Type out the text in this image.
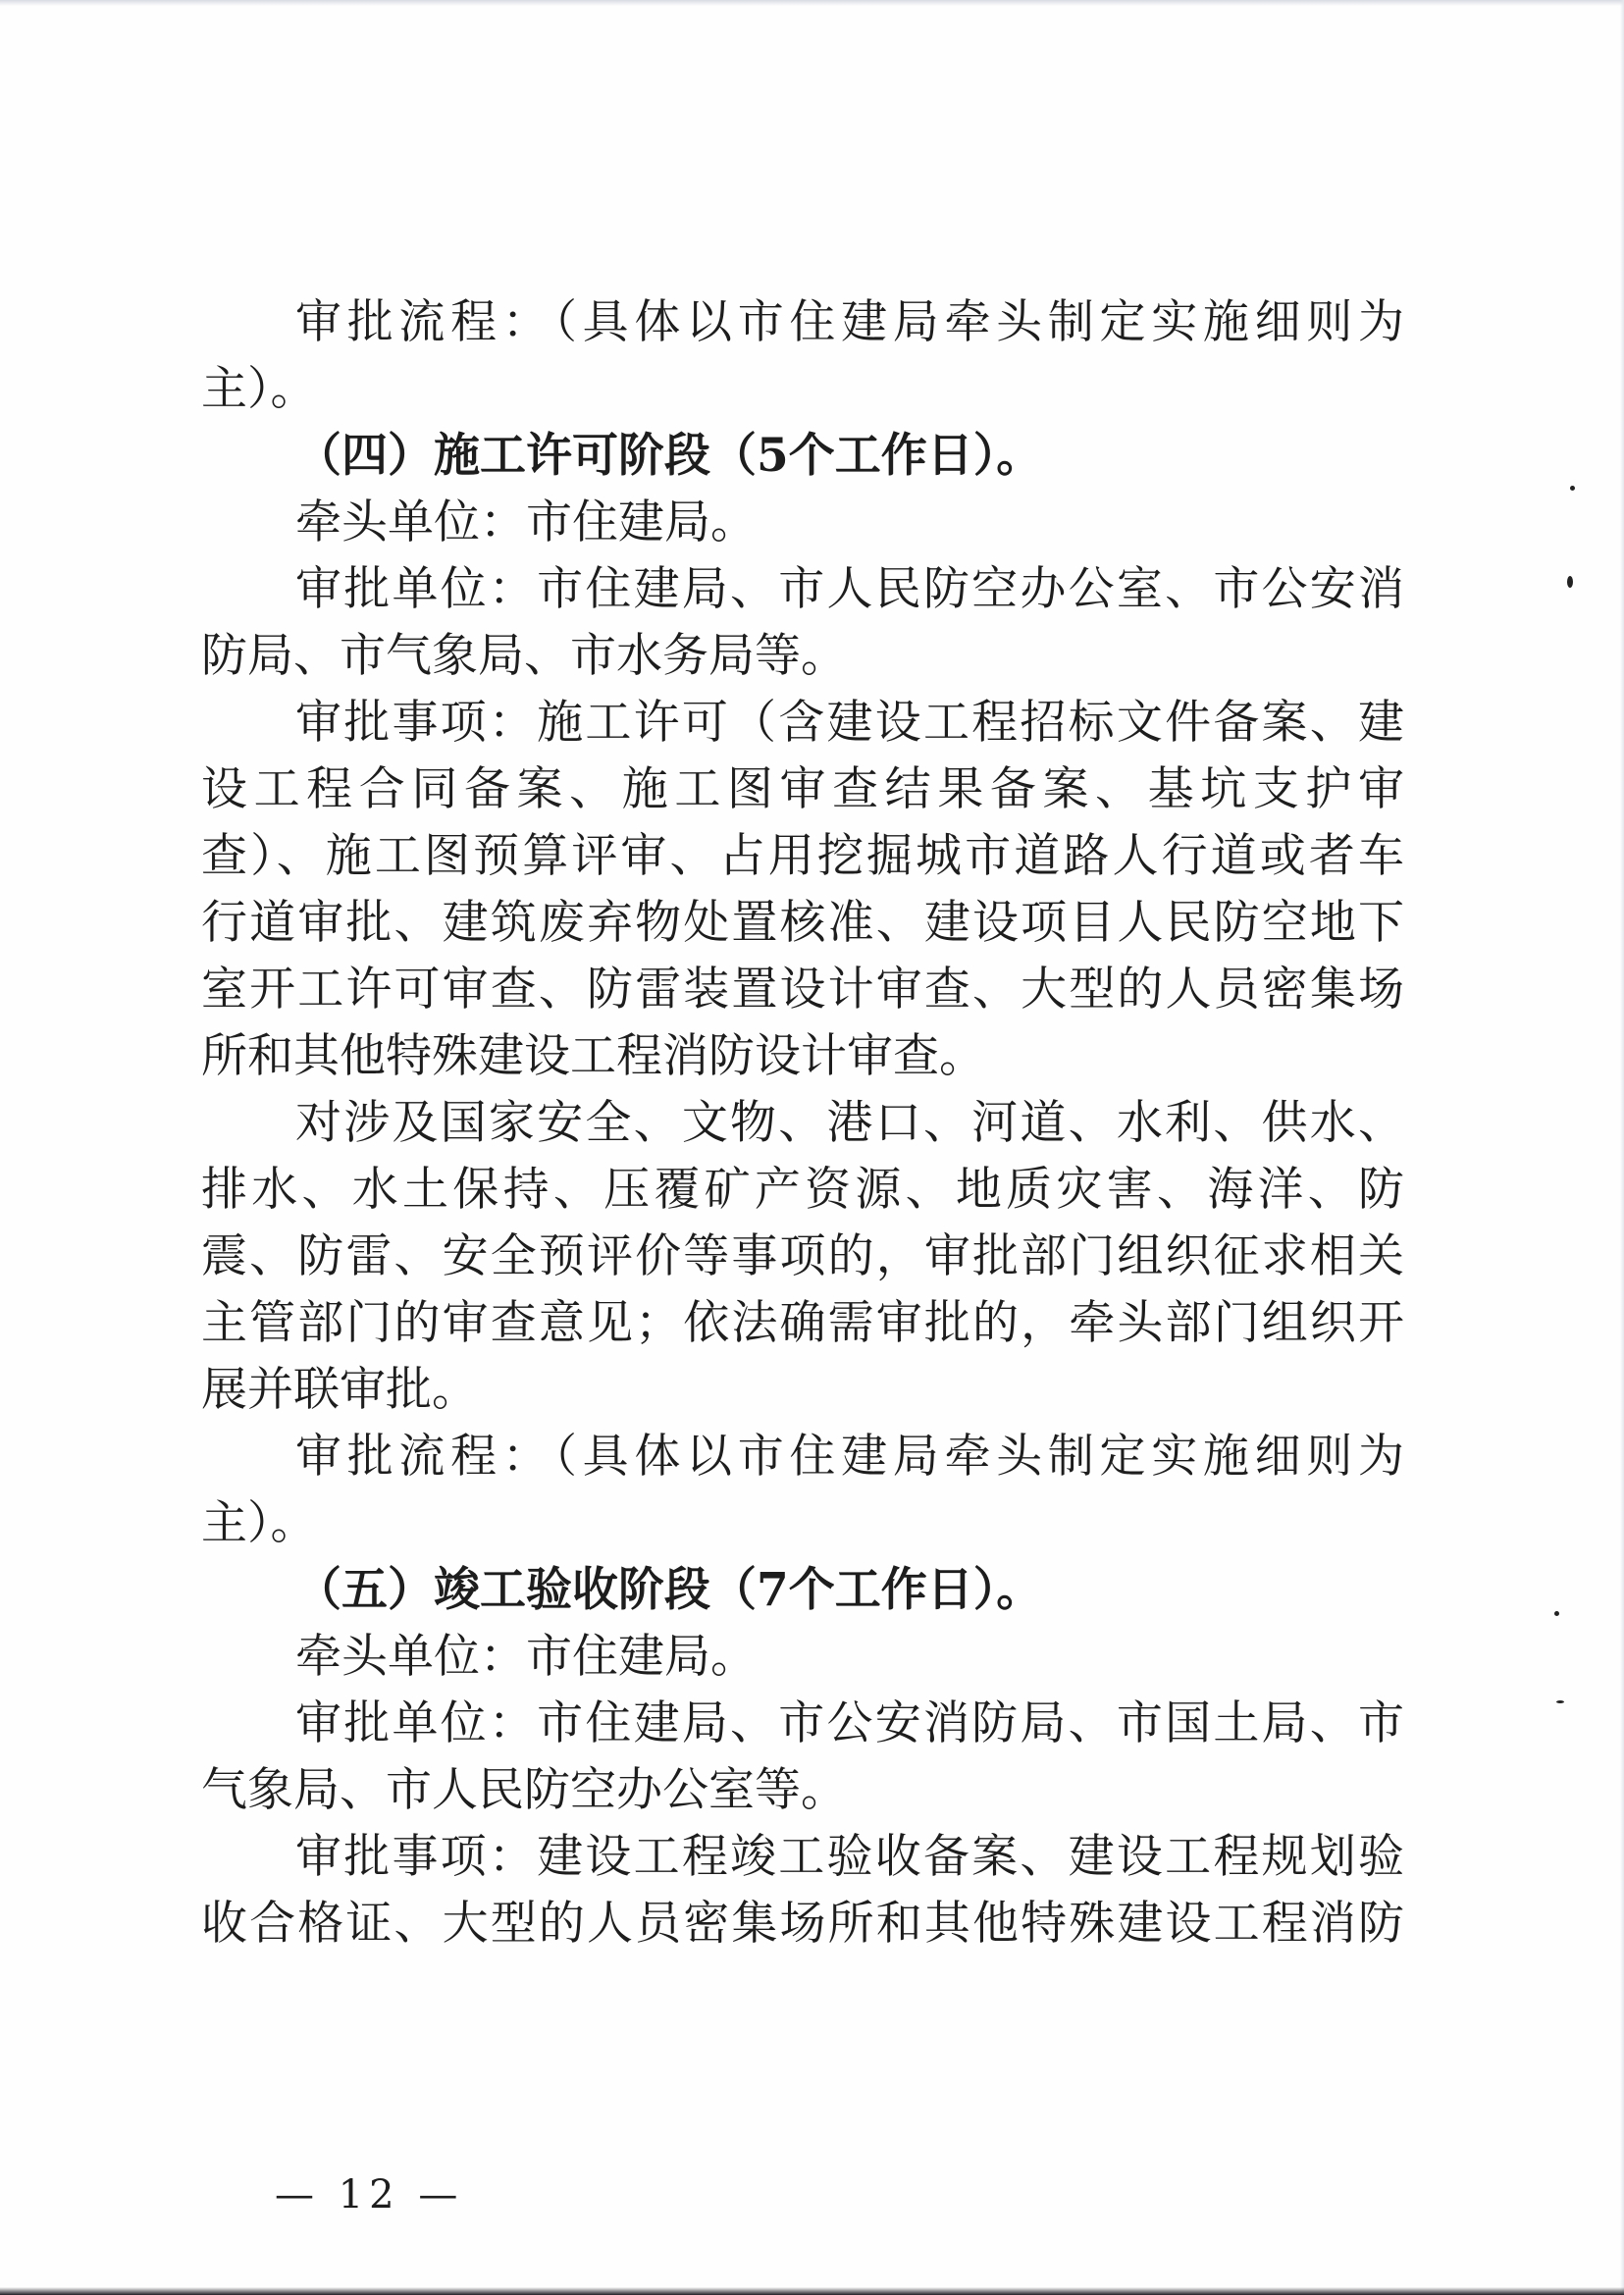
审批流程：（具体以市住建局牵头制定实施细则为
主）。
（四）施工许可阶段（5个工作日）。
牵头单位：市住建局。
审批单位：市住建局、市人民防空办公室、市公安消
防局、市气象局、市水务局等。
审批事项：施工许可（含建设工程招标文件备案、建
设工程合同备案、施工图审查结果备案、基坑支护审
查）、施工图预算评审、占用挖掘城市道路人行道或者车
行道审批、建筑废弃物处置核准、建设项目人民防空地下
室开工许可审查、防雷装置设计审查、大型的人员密集场
所和其他特殊建设工程消防设计审查。
对涉及国家安全、文物、港口、河道、水利、供水、
排水、水土保持、压覆矿产资源、地质灾害、海洋、防
震、防雷、安全预评价等事项的，审批部门组织征求相关
主管部门的审查意见；依法确需审批的，牵头部门组织开
展并联审批。
审批流程：（具体以市住建局牵头制定实施细则为
主）。
（五）竣工验收阶段（7个工作日）。
牵头单位：市住建局。
审批单位：市住建局、市公安消防局、市国土局、市
气象局、市人民防空办公室等。
审批事项：建设工程竣工验收备案、建设工程规划验
收合格证、大型的人员密集场所和其他特殊建设工程消防
— 12 —
